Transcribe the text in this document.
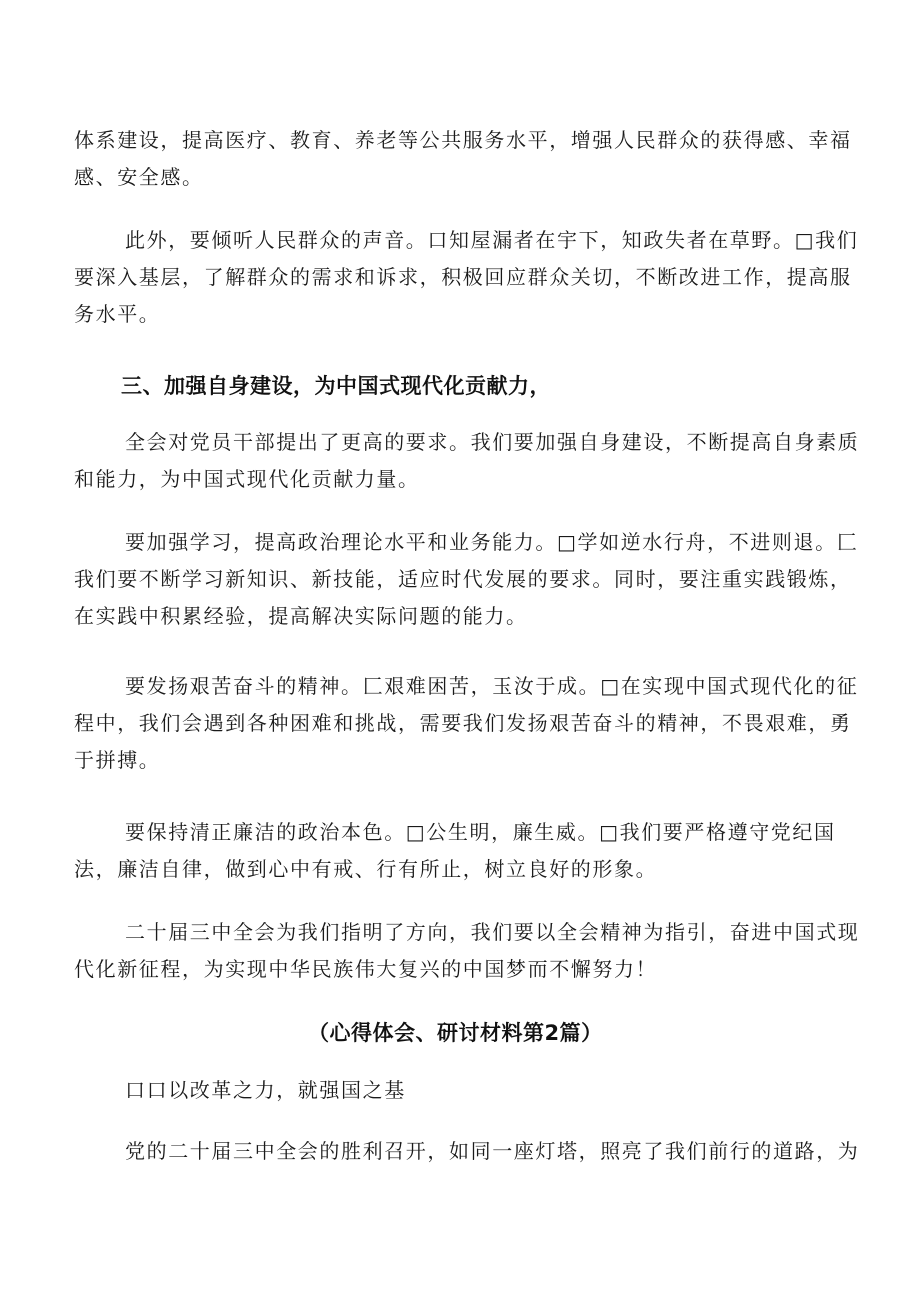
体系建设，提高医疗、教育、养老等公共服务水平，增强人民群众的获得感、幸福感、安全感。

此外，要倾听人民群众的声音。口知屋漏者在宇下，知政失者在草野。□我们要深入基层，了解群众的需求和诉求，积极回应群众关切，不断改进工作，提高服务水平。

三、加强自身建设，为中国式现代化贡献力，

全会对党员干部提出了更高的要求。我们要加强自身建设，不断提高自身素质和能力，为中国式现代化贡献力量。

要加强学习，提高政治理论水平和业务能力。□学如逆水行舟，不进则退。匚我们要不断学习新知识、新技能，适应时代发展的要求。同时，要注重实践锻炼，在实践中积累经验，提高解决实际问题的能力。

要发扬艰苦奋斗的精神。匚艰难困苦，玉汝于成。□在实现中国式现代化的征程中，我们会遇到各种困难和挑战，需要我们发扬艰苦奋斗的精神，不畏艰难，勇于拼搏。

要保持清正廉洁的政治本色。□公生明，廉生威。□我们要严格遵守党纪国法，廉洁自律，做到心中有戒、行有所止，树立良好的形象。

二十届三中全会为我们指明了方向，我们要以全会精神为指引，奋进中国式现代化新征程，为实现中华民族伟大复兴的中国梦而不懈努力！

（心得体会、研讨材料第2篇）

口口以改革之力，就强国之基

党的二十届三中全会的胜利召开，如同一座灯塔，照亮了我们前行的道路，为
